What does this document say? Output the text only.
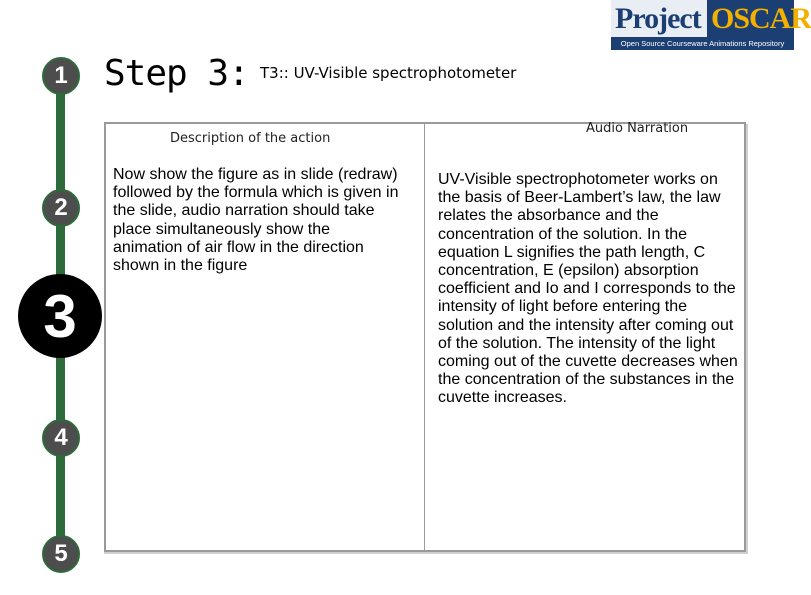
1
2
3
4
5
Step 3: T3:: UV-Visible spectrophotometer
Project OSCAR
Open Source Courseware Animations Repository
Description of the action
Audio Narration
Now show the figure as in slide (redraw) followed by the formula which is given in the slide, audio narration should take place simultaneously show the animation of air flow in the direction shown in the figure
UV-Visible spectrophotometer works on the basis of Beer-Lambert’s law, the law relates the absorbance and the concentration of the solution. In the equation L signifies the path length, C concentration, E (epsilon) absorption coefficient and Io and I corresponds to the intensity of light before entering the solution and the intensity after coming out of the solution. The intensity of the light coming out of the cuvette decreases when the concentration of the substances in the cuvette increases.
